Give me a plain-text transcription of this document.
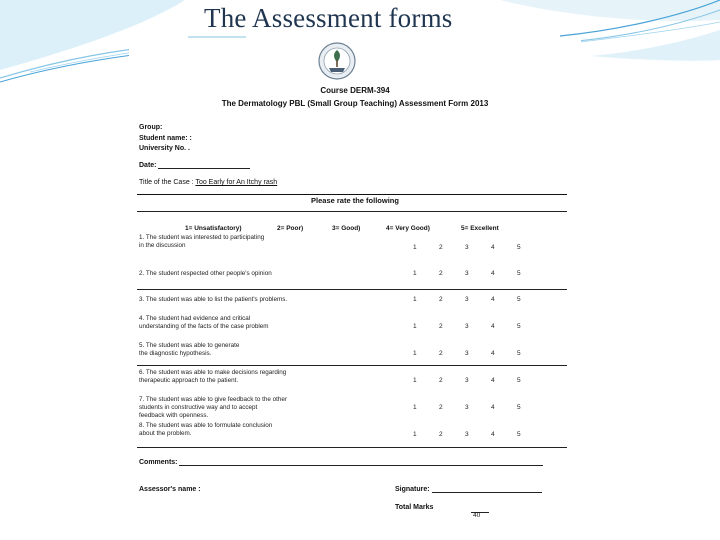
The Assessment forms
Course DERM-394
The Dermatology PBL (Small Group Teaching) Assessment Form 2013
Group:
Student name: :
University No. .
Date:
Title of the Case : Too Early for An Itchy rash
Please rate the following
1= Unsatisfactory)	2= Poor)	3= Good)	4= Very Good)	5= Excellent
1. The student was interested to participating
in the discussion	1	2	3	4	5
2. The student respected other people's opinion	1	2	3	4	5
3. The student was able to list the patient's problems.	1	2	3	4	5
4. The student had evidence and critical
understanding of the facts of the case problem	1	2	3	4	5
5. The student was able to generate
the diagnostic hypothesis.	1	2	3	4	5
6. The student was able to make decisions regarding
therapeutic approach to the patient.	1	2	3	4	5
7. The student was able to give feedback to the other
students in constructive way and to accept
feedback with openness.
1	2	3	4	5
8. The student was able to formulate conclusion
about the problem.	1	2	3	4	5
Comments:
Assessor's name :	Signature:
Total Marks
40
